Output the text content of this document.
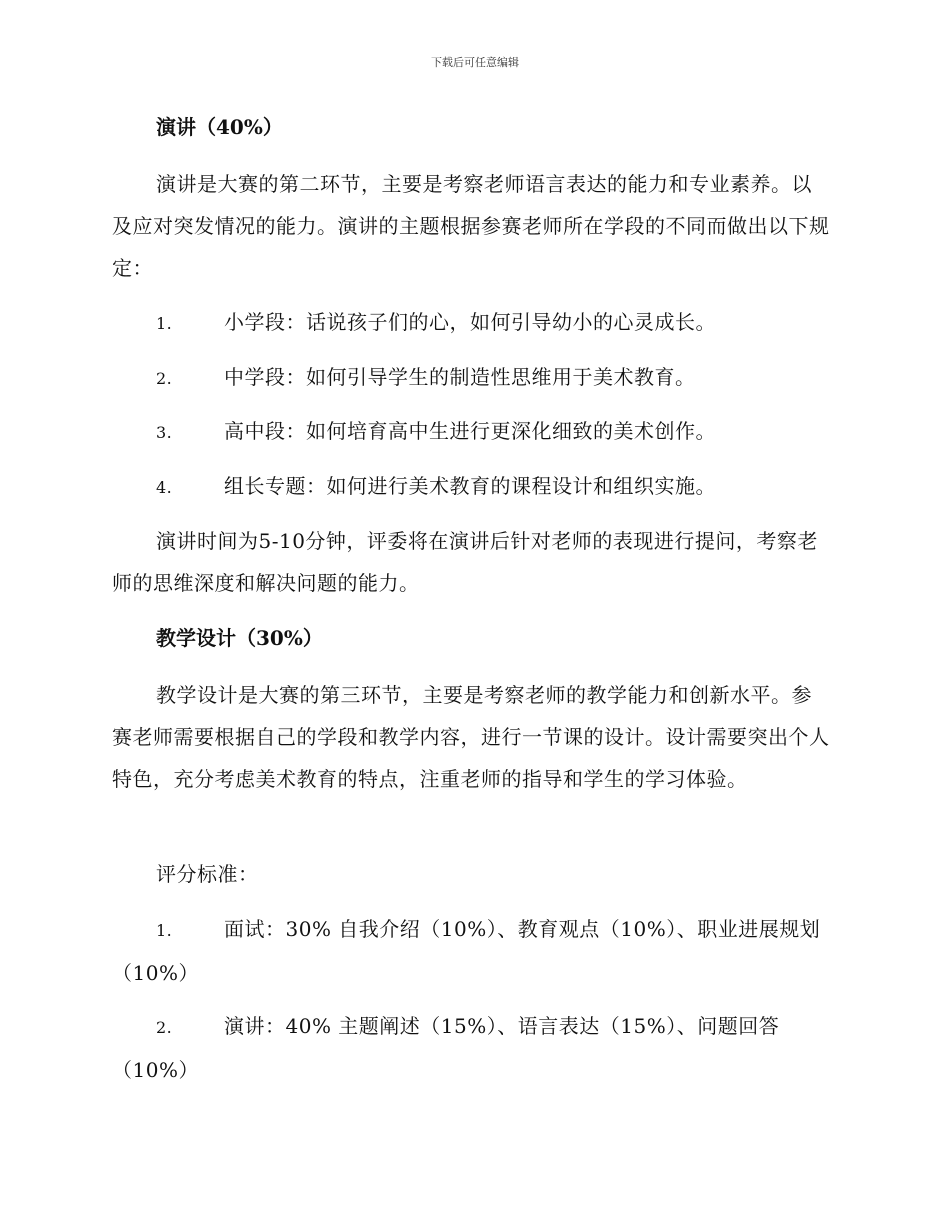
下载后可任意编辑
演讲（40%）
演讲是大赛的第二环节，主要是考察老师语言表达的能力和专业素养。以及应对突发情况的能力。演讲的主题根据参赛老师所在学段的不同而做出以下规定：
1.	小学段：话说孩子们的心，如何引导幼小的心灵成长。
2.	中学段：如何引导学生的制造性思维用于美术教育。
3.	高中段：如何培育高中生进行更深化细致的美术创作。
4.	组长专题：如何进行美术教育的课程设计和组织实施。
演讲时间为5-10分钟，评委将在演讲后针对老师的表现进行提问，考察老师的思维深度和解决问题的能力。
教学设计（30%）
教学设计是大赛的第三环节，主要是考察老师的教学能力和创新水平。参赛老师需要根据自己的学段和教学内容，进行一节课的设计。设计需要突出个人特色，充分考虑美术教育的特点，注重老师的指导和学生的学习体验。
评分标准：
1.	面试：30% 自我介绍（10%）、教育观点（10%）、职业进展规划（10%）
2.	演讲：40% 主题阐述（15%）、语言表达（15%）、问题回答（10%）
